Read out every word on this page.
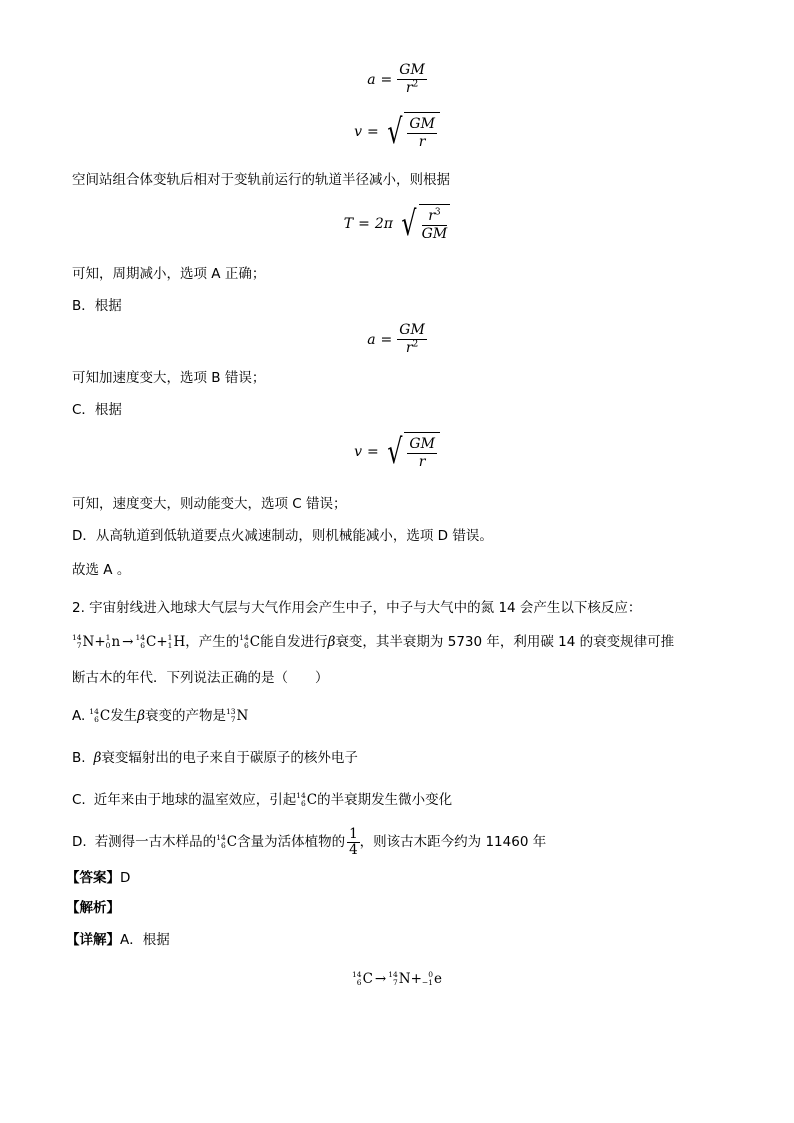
$a = \frac{GM}{r^2}$
v = √ $\frac{GM}{r}$
空间站组合体变轨后相对于变轨前运行的轨道半径减小，则根据
T = 2π √ $\frac{r^3}{GM}$
可知，周期减小，选项 A 正确；
B．根据
$a = \frac{GM}{r^2}$
可知加速度变大，选项 B 错误；
C．根据
v = √ $\frac{GM}{r}$
可知，速度变大，则动能变大，选项 C 错误；
D．从高轨道到低轨道要点火减速制动，则机械能减小，选项 D 错误。
故选 A 。
2. 宇宙射线进入地球大气层与大气作用会产生中子，中子与大气中的氮 14 会产生以下核反应：
14
7 N + 1
0 n → 14
6 C + 1
1 H ，产生的 14
6 C 能自发进行 β 衰变，其半衰期为 5730 年，利用碳 14 的衰变规律可推
断古木的年代．下列说法正确的是（　　）
A. 14
6 C 发生 β 衰变的产物是 13
7 N
B. β 衰变辐射出的电子来自于碳原子的核外电子
C. 近年来由于地球的温室效应，引起 14
6 C 的半衰期发生微小变化
D. 若测得一古木样品的 14
6 C 含量为活体植物的 $\frac{1}{4}$ ，则该古木距今约为 11460 年
【答案】D
【解析】
【详解】A．根据
14
6 C → 14
7 N + 0
−1 e
